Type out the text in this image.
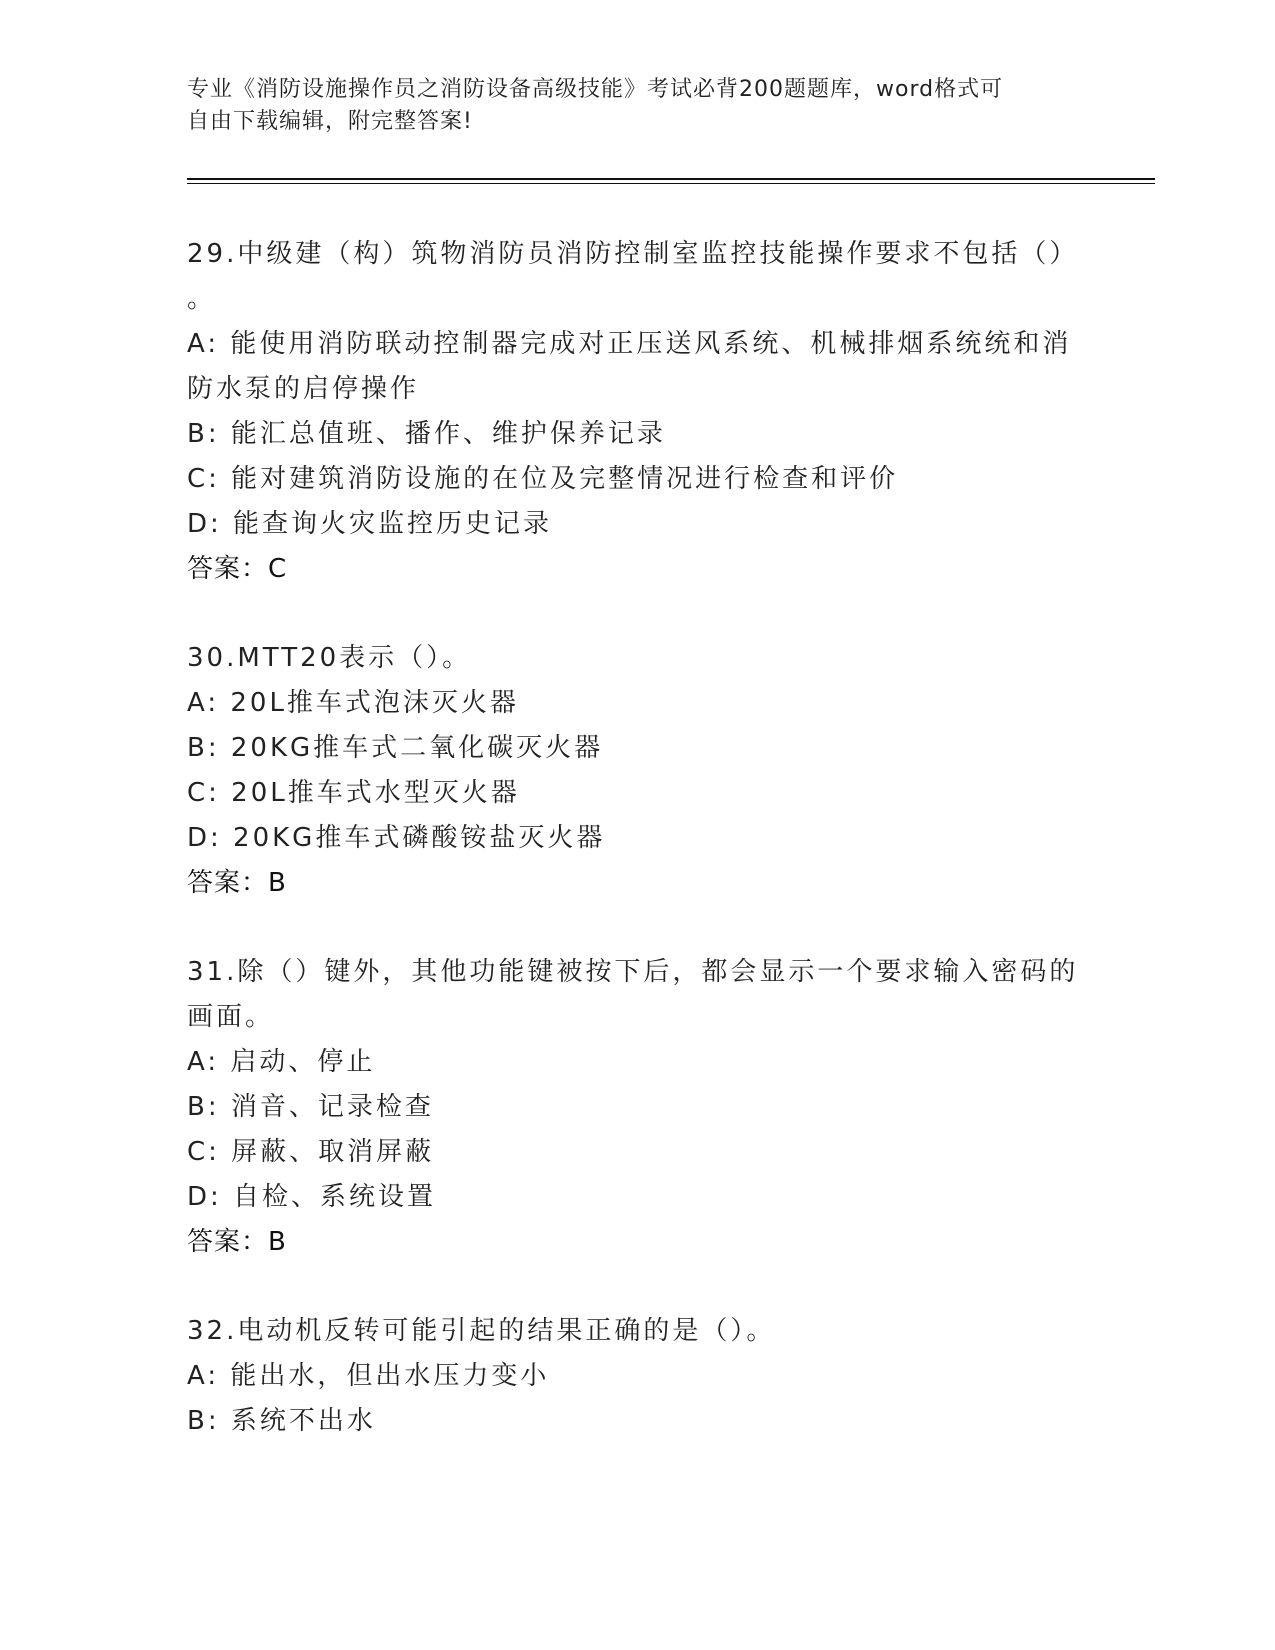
专业《消防设施操作员之消防设备高级技能》考试必背200题题库，word格式可
自由下载编辑，附完整答案!

29.中级建（构）筑物消防员消防控制室监控技能操作要求不包括（）

。

A: 能使用消防联动控制器完成对正压送风系统、机械排烟系统统和消

防水泵的启停操作

B: 能汇总值班、播作、维护保养记录

C: 能对建筑消防设施的在位及完整情况进行检查和评价

D: 能查询火灾监控历史记录

答案：C

30.MTT20表示（）。

A: 20L推车式泡沫灭火器

B: 20KG推车式二氧化碳灭火器

C: 20L推车式水型灭火器

D: 20KG推车式磷酸铵盐灭火器

答案：B

31.除（）键外，其他功能键被按下后，都会显示一个要求输入密码的

画面。

A: 启动、停止

B: 消音、记录检查

C: 屏蔽、取消屏蔽

D: 自检、系统设置

答案：B

32.电动机反转可能引起的结果正确的是（）。

A: 能出水，但出水压力变小

B: 系统不出水
